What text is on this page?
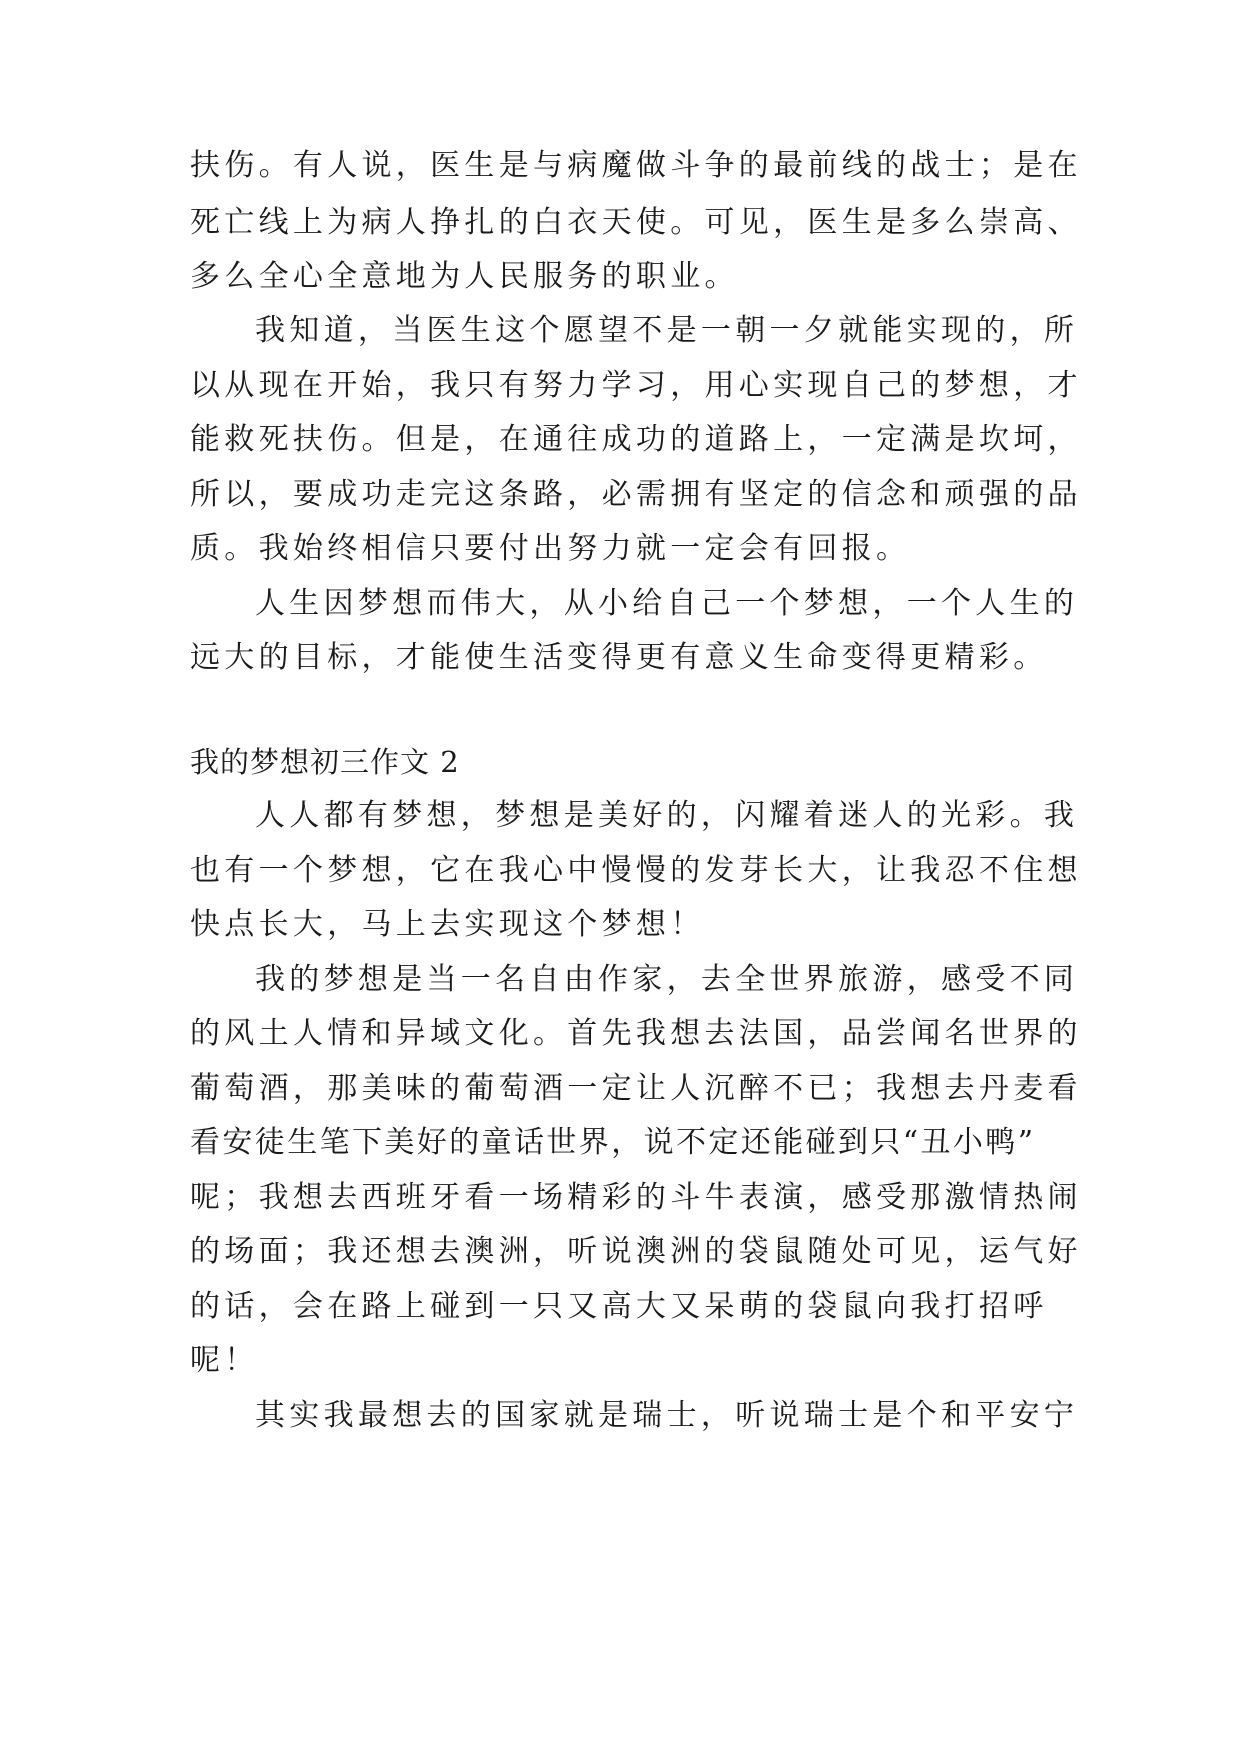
扶伤。有人说，医生是与病魔做斗争的最前线的战士；是在
死亡线上为病人挣扎的白衣天使。可见，医生是多么崇高、
多么全心全意地为人民服务的职业。
我知道，当医生这个愿望不是一朝一夕就能实现的，所
以从现在开始，我只有努力学习，用心实现自己的梦想，才
能救死扶伤。但是，在通往成功的道路上，一定满是坎坷，
所以，要成功走完这条路，必需拥有坚定的信念和顽强的品
质。我始终相信只要付出努力就一定会有回报。
人生因梦想而伟大，从小给自己一个梦想，一个人生的
远大的目标，才能使生活变得更有意义生命变得更精彩。
我的梦想初三作文 2
人人都有梦想，梦想是美好的，闪耀着迷人的光彩。我
也有一个梦想，它在我心中慢慢的发芽长大，让我忍不住想
快点长大，马上去实现这个梦想！
我的梦想是当一名自由作家，去全世界旅游，感受不同
的风土人情和异域文化。首先我想去法国，品尝闻名世界的
葡萄酒，那美味的葡萄酒一定让人沉醉不已；我想去丹麦看
看安徒生笔下美好的童话世界，说不定还能碰到只“丑小鸭”
呢；我想去西班牙看一场精彩的斗牛表演，感受那激情热闹
的场面；我还想去澳洲，听说澳洲的袋鼠随处可见，运气好
的话，会在路上碰到一只又高大又呆萌的袋鼠向我打招呼
呢！
其实我最想去的国家就是瑞士，听说瑞士是个和平安宁
